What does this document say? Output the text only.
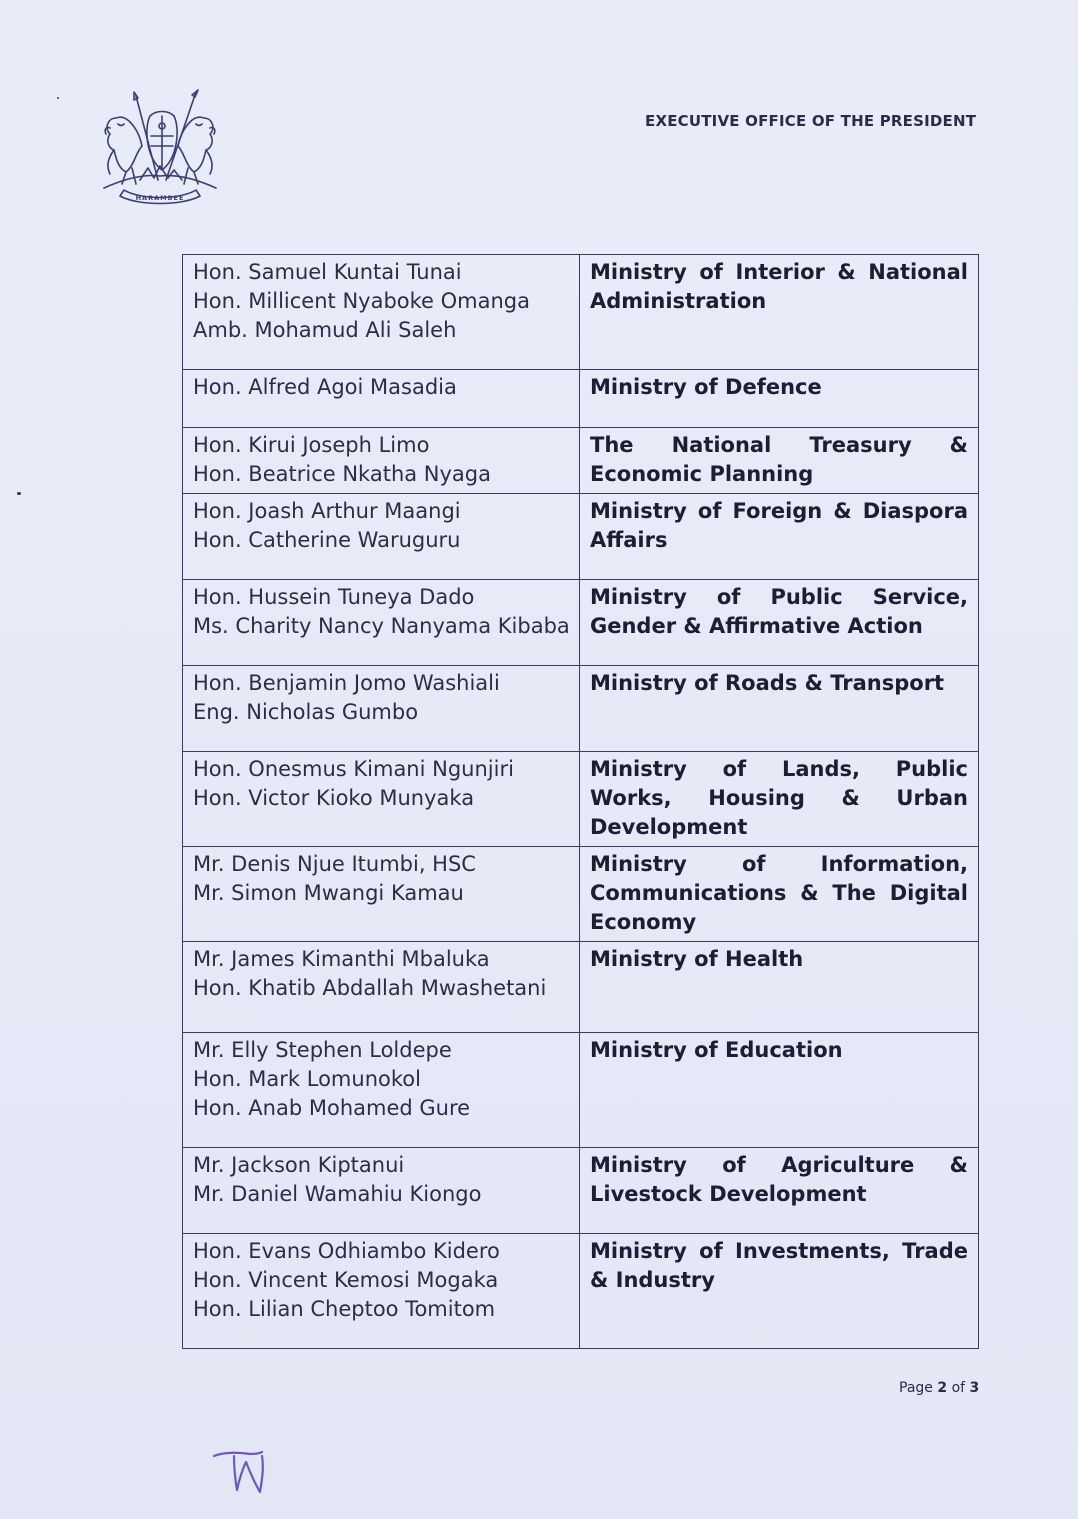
HARAMBEE
EXECUTIVE OFFICE OF THE PRESIDENT
Hon. Samuel Kuntai Tunai
Hon. Millicent Nyaboke Omanga
Amb. Mohamud Ali Saleh	Ministry of Interior & National Administration

Hon. Alfred Agoi Masadia	Ministry of Defence

Hon. Kirui Joseph Limo
Hon. Beatrice Nkatha Nyaga	The National Treasury & Economic Planning

Hon. Joash Arthur Maangi
Hon. Catherine Waruguru	Ministry of Foreign & Diaspora Affairs

Hon. Hussein Tuneya Dado
Ms. Charity Nancy Nanyama Kibaba	Ministry of Public Service, Gender & Affirmative Action

Hon. Benjamin Jomo Washiali
Eng. Nicholas Gumbo	Ministry of Roads & Transport

Hon. Onesmus Kimani Ngunjiri
Hon. Victor Kioko Munyaka	Ministry of Lands, Public Works, Housing & Urban Development

Mr. Denis Njue Itumbi, HSC
Mr. Simon Mwangi Kamau	Ministry of Information, Communications & The Digital Economy

Mr. James Kimanthi Mbaluka
Hon. Khatib Abdallah Mwashetani	Ministry of Health

Mr. Elly Stephen Loldepe
Hon. Mark Lomunokol
Hon. Anab Mohamed Gure	Ministry of Education

Mr. Jackson Kiptanui
Mr. Daniel Wamahiu Kiongo	Ministry of Agriculture & Livestock Development

Hon. Evans Odhiambo Kidero
Hon. Vincent Kemosi Mogaka
Hon. Lilian Cheptoo Tomitom	Ministry of Investments, Trade & Industry
Page 2 of 3
